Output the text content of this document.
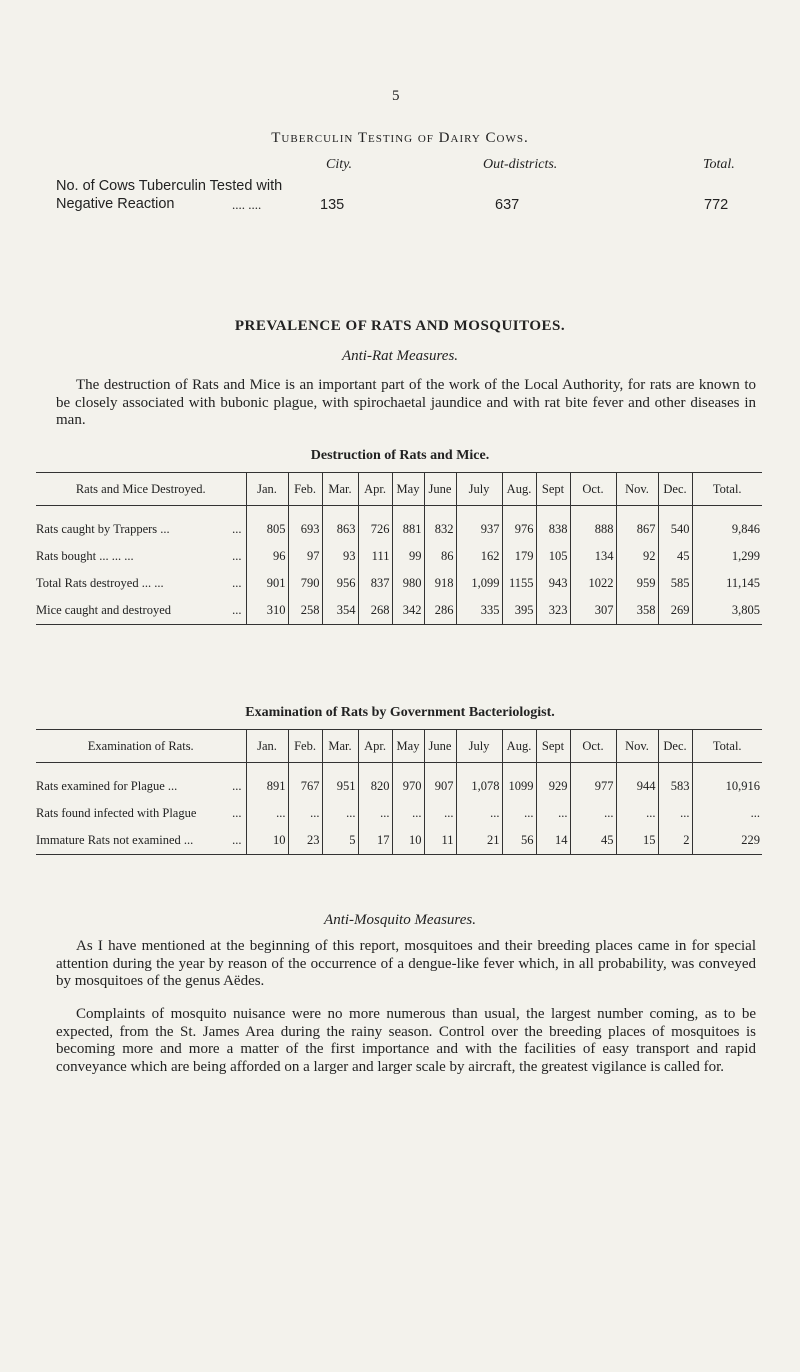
5
Tuberculin Testing of Dairy Cows.
City.	Out-districts.	Total.
No. of Cows Tuberculin Tested with
Negative Reaction	.... ....	135	637	772
PREVALENCE OF RATS AND MOSQUITOES.
Anti-Rat Measures.
The destruction of Rats and Mice is an important part of the work of the Local Authority, for rats are known to be closely associated with bubonic plague, with spirochaetal jaundice and with rat bite fever and other diseases in man.
Destruction of Rats and Mice.
Rats and Mice Destroyed.	Jan.	Feb.	Mar.	Apr.	May	June	July	Aug.	Sept	Oct.	Nov.	Dec.	Total.

Rats caught by Trappers ... ...	805	693	863	726	881	832	937	976	838	888	867	540	9,846

Rats bought ... ... ... ...	96	97	93	111	99	86	162	179	105	134	92	45	1,299

Total Rats destroyed ... ... ...	901	790	956	837	980	918	1,099	1155	943	1022	959	585	11,145

Mice caught and destroyed ...	310	258	354	268	342	286	335	395	323	307	358	269	3,805
Examination of Rats by Government Bacteriologist.
Examination of Rats.	Jan.	Feb.	Mar.	Apr.	May	June	July	Aug.	Sept	Oct.	Nov.	Dec.	Total.

Rats examined for Plague ... ...	891	767	951	820	970	907	1,078	1099	929	977	944	583	10,916

Rats found infected with Plague ...	...	...	...	...	...	...	...	...	...	...	...	...	...

Immature Rats not examined ... ...	10	23	5	17	10	11	21	56	14	45	15	2	229
Anti-Mosquito Measures.
As I have mentioned at the beginning of this report, mosquitoes and their breeding places came in for special attention during the year by reason of the occurrence of a dengue-like fever which, in all probability, was conveyed by mosquitoes of the genus Aëdes.
Complaints of mosquito nuisance were no more numerous than usual, the largest number coming, as to be expected, from the St. James Area during the rainy season. Control over the breeding places of mosquitoes is becoming more and more a matter of the first importance and with the facilities of easy transport and rapid conveyance which are being afforded on a larger and larger scale by aircraft, the greatest vigilance is called for.
